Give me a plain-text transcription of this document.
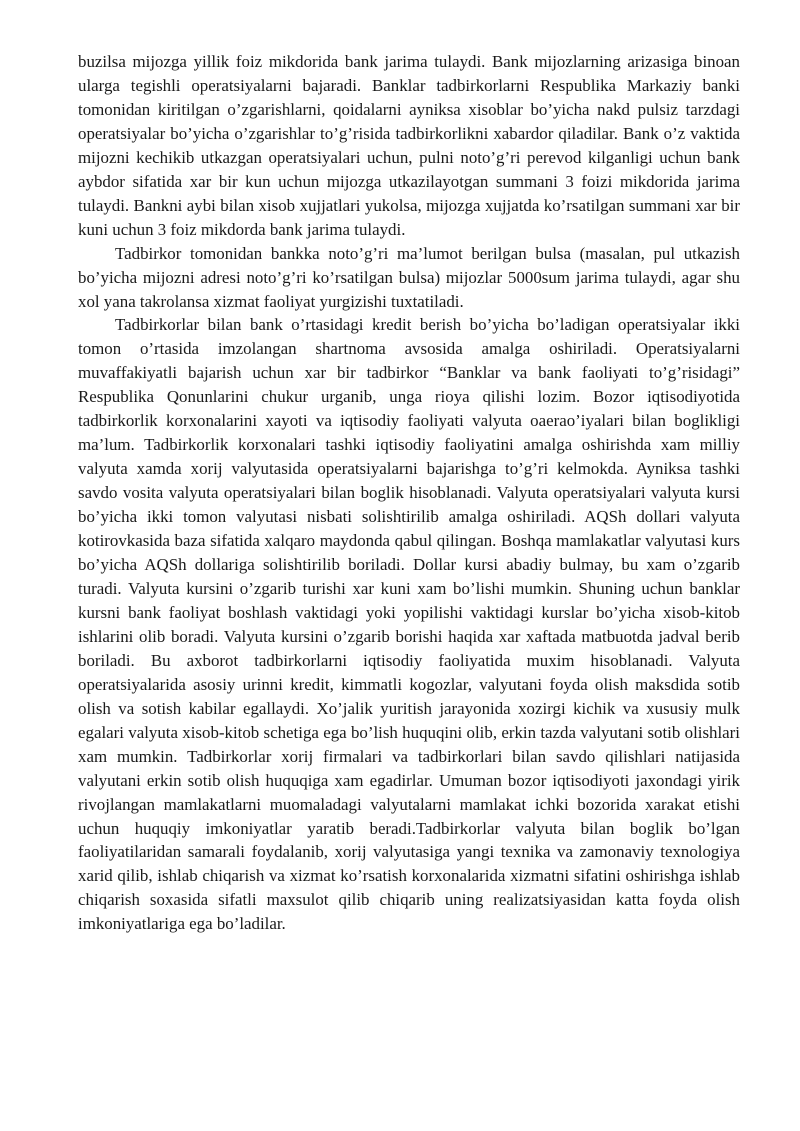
buzilsa mijozga yillik foiz mikdorida bank jarima tulaydi. Bank mijozlarning arizasiga binoan ularga tegishli operatsiyalarni bajaradi. Banklar tadbirkorlarni Respublika Markaziy banki tomonidan kiritilgan o’zgarishlarni, qoidalarni ayniksa xisoblar bo’yicha nakd pulsiz tarzdagi operatsiyalar bo’yicha o’zgarishlar to’g’risida tadbirkorlikni xabardor qiladilar. Bank o’z vaktida mijozni kechikib utkazgan operatsiyalari uchun, pulni noto’g’ri perevod kilganligi uchun bank aybdor sifatida xar bir kun uchun mijozga utkazilayotgan summani 3 foizi mikdorida jarima tulaydi. Bankni aybi bilan xisob xujjatlari yukolsa, mijozga xujjatda ko’rsatilgan summani xar bir kuni uchun 3 foiz mikdorda bank jarima tulaydi.

Tadbirkor tomonidan bankka noto’g’ri ma’lumot berilgan bulsa (masalan, pul utkazish bo’yicha mijozni adresi noto’g’ri ko’rsatilgan bulsa) mijozlar 5000sum jarima tulaydi, agar shu xol yana takrolansa xizmat faoliyat yurgizishi tuxtatiladi.

Tadbirkorlar bilan bank o’rtasidagi kredit berish bo’yicha bo’ladigan operatsiyalar ikki tomon o’rtasida imzolangan shartnoma avsosida amalga oshiriladi. Operatsiyalarni muvaffakiyatli bajarish uchun xar bir tadbirkor “Banklar va bank faoliyati to’g’risidagi” Respublika Qonunlarini chukur urganib, unga rioya qilishi lozim. Bozor iqtisodiyotida tadbirkorlik korxonalarini xayoti va iqtisodiy faoliyati valyuta oaerao’iyalari bilan boglikligi ma’lum. Tadbirkorlik korxonalari tashki iqtisodiy faoliyatini amalga oshirishda xam milliy valyuta xamda xorij valyutasida operatsiyalarni bajarishga to’g’ri kelmokda. Ayniksa tashki savdo vosita valyuta operatsiyalari bilan boglik hisoblanadi. Valyuta operatsiyalari valyuta kursi bo’yicha ikki tomon valyutasi nisbati solishtirilib amalga oshiriladi. AQSh dollari valyuta kotirovkasida baza sifatida xalqaro maydonda qabul qilingan. Boshqa mamlakatlar valyutasi kurs bo’yicha AQSh dollariga solishtirilib boriladi. Dollar kursi abadiy bulmay, bu xam o’zgarib turadi. Valyuta kursini o’zgarib turishi xar kuni xam bo’lishi mumkin. Shuning uchun banklar kursni bank faoliyat boshlash vaktidagi yoki yopilishi vaktidagi kurslar bo’yicha xisob-kitob ishlarini olib boradi. Valyuta kursini o’zgarib borishi haqida xar xaftada matbuotda jadval berib boriladi. Bu axborot tadbirkorlarni iqtisodiy faoliyatida muxim hisoblanadi. Valyuta operatsiyalarida asosiy urinni kredit, kimmatli kogozlar, valyutani foyda olish maksdida sotib olish va sotish kabilar egallaydi. Xo’jalik yuritish jarayonida xozirgi kichik va xususiy mulk egalari valyuta xisob-kitob schetiga ega bo’lish huquqini olib, erkin tazda valyutani sotib olishlari xam mumkin. Tadbirkorlar xorij firmalari va tadbirkorlari bilan savdo qilishlari natijasida valyutani erkin sotib olish huquqiga xam egadirlar. Umuman bozor iqtisodiyoti jaxondagi yirik rivojlangan mamlakatlarni muomaladagi valyutalarni mamlakat ichki bozorida xarakat etishi uchun huquqiy imkoniyatlar yaratib beradi.Tadbirkorlar valyuta bilan boglik bo’lgan faoliyatilaridan samarali foydalanib, xorij valyutasiga yangi texnika va zamonaviy texnologiya xarid qilib, ishlab chiqarish va xizmat ko’rsatish korxonalarida xizmatni sifatini oshirishga ishlab chiqarish soxasida sifatli maxsulot qilib chiqarib uning realizatsiyasidan katta foyda olish imkoniyatlariga ega bo’ladilar.
